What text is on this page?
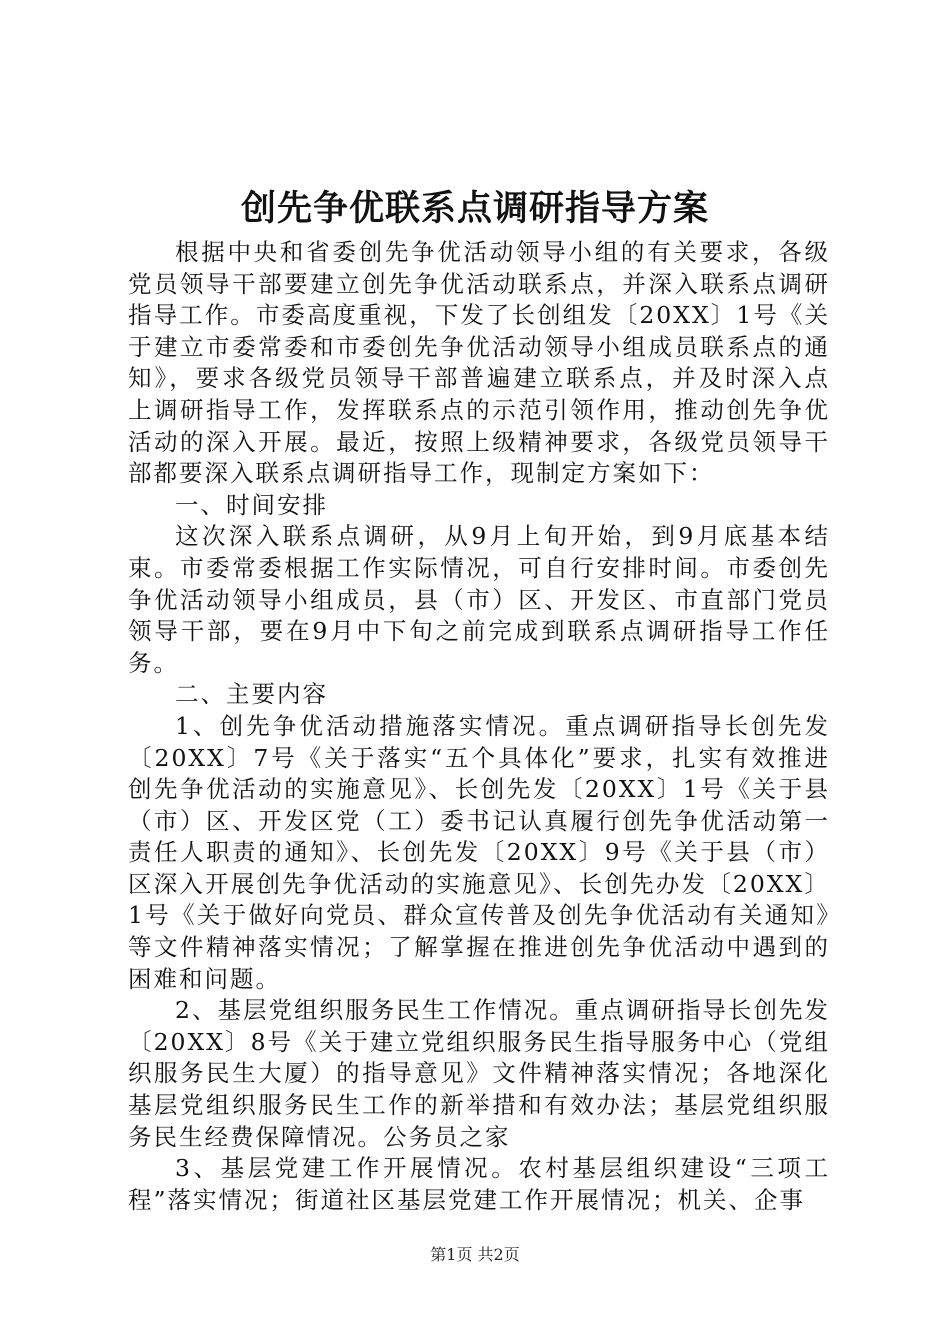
创先争优联系点调研指导方案

根据中央和省委创先争优活动领导小组的有关要求，各级党员领导干部要建立创先争优活动联系点，并深入联系点调研指导工作。市委高度重视，下发了长创组发〔20XX〕1号《关于建立市委常委和市委创先争优活动领导小组成员联系点的通知》，要求各级党员领导干部普遍建立联系点，并及时深入点上调研指导工作，发挥联系点的示范引领作用，推动创先争优活动的深入开展。最近，按照上级精神要求，各级党员领导干部都要深入联系点调研指导工作，现制定方案如下：

一、时间安排

这次深入联系点调研，从9月上旬开始，到9月底基本结束。市委常委根据工作实际情况，可自行安排时间。市委创先争优活动领导小组成员，县（市）区、开发区、市直部门党员领导干部，要在9月中下旬之前完成到联系点调研指导工作任务。

二、主要内容

1、创先争优活动措施落实情况。重点调研指导长创先发〔20XX〕7号《关于落实“五个具体化”要求，扎实有效推进创先争优活动的实施意见》、长创先发〔20XX〕1号《关于县（市）区、开发区党（工）委书记认真履行创先争优活动第一责任人职责的通知》、长创先发〔20XX〕9号《关于县（市）区深入开展创先争优活动的实施意见》、长创先办发〔20XX〕1号《关于做好向党员、群众宣传普及创先争优活动有关通知》等文件精神落实情况；了解掌握在推进创先争优活动中遇到的困难和问题。

2、基层党组织服务民生工作情况。重点调研指导长创先发〔20XX〕8号《关于建立党组织服务民生指导服务中心（党组织服务民生大厦）的指导意见》文件精神落实情况；各地深化基层党组织服务民生工作的新举措和有效办法；基层党组织服务民生经费保障情况。公务员之家

3、基层党建工作开展情况。农村基层组织建设“三项工程”落实情况；街道社区基层党建工作开展情况；机关、企事

第1页 共2页
